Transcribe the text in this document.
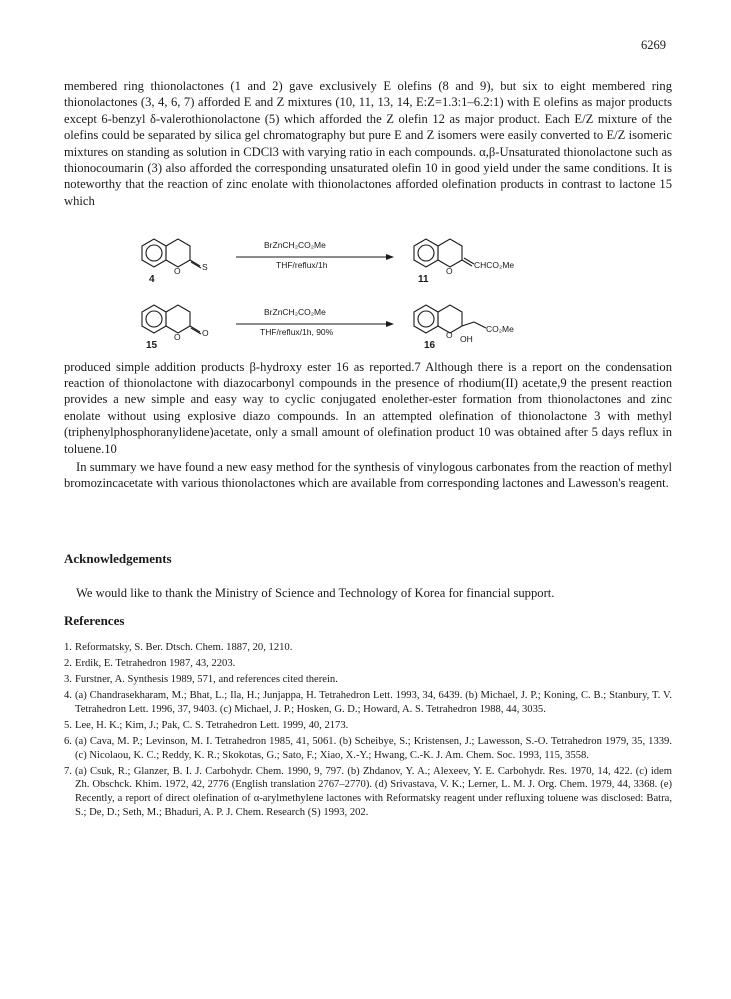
6269

membered ring thionolactones (1 and 2) gave exclusively E olefins (8 and 9), but six to eight membered ring thionolactones (3, 4, 6, 7) afforded E and Z mixtures (10, 11, 13, 14, E:Z=1.3:1–6.2:1) with E olefins as major products except 6-benzyl δ-valerothionolactone (5) which afforded the Z olefin 12 as major product. Each E/Z mixture of the olefins could be separated by silica gel chromatography but pure E and Z isomers were easily converted to E/Z isomeric mixtures on standing as solution in CDCl3 with varying ratio in each compounds. α,β-Unsaturated thionolactone such as thionocoumarin (3) also afforded the corresponding unsaturated olefin 10 in good yield under the same conditions. It is noteworthy that the reaction of zinc enolate with thionolactones afforded olefination products in contrast to lactone 15 which

O	S
4
BrZnCH₂CO₂Me
THF/reflux/1h
O
CHCO₂Me
11
O	O
15
BrZnCH₂CO₂Me
THF/reflux/1h, 90%	O
CO₂Me
OH
16

produced simple addition products β-hydroxy ester 16 as reported.7 Although there is a report on the condensation reaction of thionolactone with diazocarbonyl compounds in the presence of rhodium(II) acetate,9 the present reaction provides a new simple and easy way to cyclic conjugated enolether-ester formation from thionolactones and zinc enolate without using explosive diazo compounds. In an attempted olefination of thionolactone 3 with methyl (triphenylphosphoranylidene)acetate, only a small amount of olefination product 10 was obtained after 5 days reflux in toluene.10

In summary we have found a new easy method for the synthesis of vinylogous carbonates from the reaction of methyl bromozincacetate with various thionolactones which are available from corresponding lactones and Lawesson's reagent.

Acknowledgements

We would like to thank the Ministry of Science and Technology of Korea for financial support.

References
1. Reformatsky, S. Ber. Dtsch. Chem. 1887, 20, 1210.
2. Erdik, E. Tetrahedron 1987, 43, 2203.
3. Furstner, A. Synthesis 1989, 571, and references cited therein.
4. (a) Chandrasekharam, M.; Bhat, L.; Ila, H.; Junjappa, H. Tetrahedron Lett. 1993, 34, 6439. (b) Michael, J. P.; Koning, C. B.; Stanbury, T. V. Tetrahedron Lett. 1996, 37, 9403. (c) Michael, J. P.; Hosken, G. D.; Howard, A. S. Tetrahedron 1988, 44, 3035.
5. Lee, H. K.; Kim, J.; Pak, C. S. Tetrahedron Lett. 1999, 40, 2173.
6. (a) Cava, M. P.; Levinson, M. I. Tetrahedron 1985, 41, 5061. (b) Scheibye, S.; Kristensen, J.; Lawesson, S.-O. Tetrahedron 1979, 35, 1339. (c) Nicolaou, K. C.; Reddy, K. R.; Skokotas, G.; Sato, F.; Xiao, X.-Y.; Hwang, C.-K. J. Am. Chem. Soc. 1993, 115, 3558.
7. (a) Csuk, R.; Glanzer, B. I. J. Carbohydr. Chem. 1990, 9, 797. (b) Zhdanov, Y. A.; Alexeev, Y. E. Carbohydr. Res. 1970, 14, 422. (c) idem Zh. Obschck. Khim. 1972, 42, 2776 (English translation 2767–2770). (d) Srivastava, V. K.; Lerner, L. M. J. Org. Chem. 1979, 44, 3368. (e) Recently, a report of direct olefination of α-arylmethylene lactones with Reformatsky reagent under refluxing toluene was disclosed: Batra, S.; De, D.; Seth, M.; Bhaduri, A. P. J. Chem. Research (S) 1993, 202.
